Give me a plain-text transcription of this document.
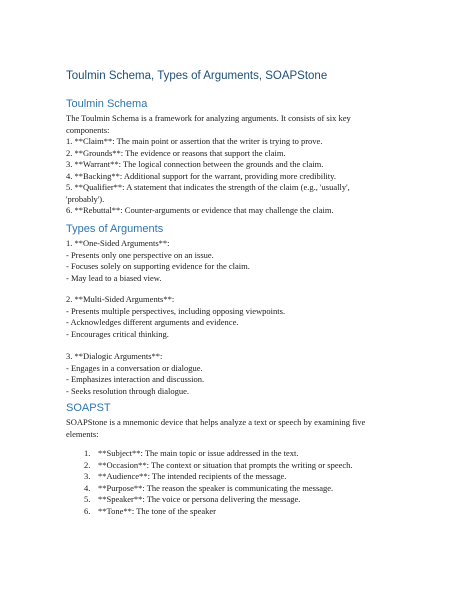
Toulmin Schema, Types of Arguments, SOAPStone
Toulmin Schema
The Toulmin Schema is a framework for analyzing arguments. It consists of six key
components:
1. **Claim**: The main point or assertion that the writer is trying to prove.
2. **Grounds**: The evidence or reasons that support the claim.
3. **Warrant**: The logical connection between the grounds and the claim.
4. **Backing**: Additional support for the warrant, providing more credibility.
5. **Qualifier**: A statement that indicates the strength of the claim (e.g., 'usually',
'probably').
6. **Rebuttal**: Counter-arguments or evidence that may challenge the claim.
Types of Arguments
1. **One-Sided Arguments**:
- Presents only one perspective on an issue.
- Focuses solely on supporting evidence for the claim.
- May lead to a biased view.
2. **Multi-Sided Arguments**:
- Presents multiple perspectives, including opposing viewpoints.
- Acknowledges different arguments and evidence.
- Encourages critical thinking.
3. **Dialogic Arguments**:
- Engages in a conversation or dialogue.
- Emphasizes interaction and discussion.
- Seeks resolution through dialogue.
SOAPST
SOAPStone is a mnemonic device that helps analyze a text or speech by examining five
elements:
1. **Subject**: The main topic or issue addressed in the text.
2. **Occasion**: The context or situation that prompts the writing or speech.
3. **Audience**: The intended recipients of the message.
4. **Purpose**: The reason the speaker is communicating the message.
5. **Speaker**: The voice or persona delivering the message.
6. **Tone**: The tone of the speaker
